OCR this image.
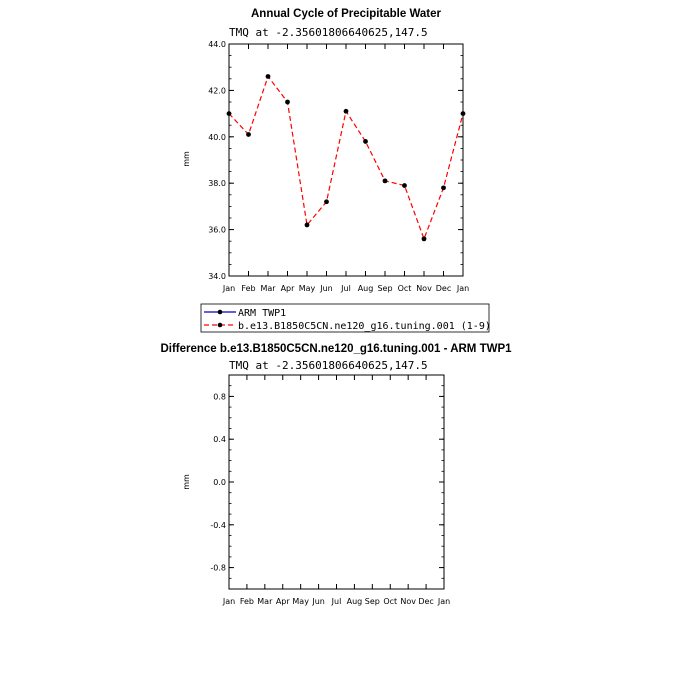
Annual Cycle of Precipitable Water
TMQ at -2.35601806640625,147.5
mm
Jan Feb Mar Apr May Jun Jul Aug Sep Oct Nov Dec Jan
34.0
36.0
38.0
40.0
42.0
44.0
ARM TWP1
b.e13.B1850C5CN.ne120_g16.tuning.001 (1-9)
Difference b.e13.B1850C5CN.ne120_g16.tuning.001 - ARM TWP1
TMQ at -2.35601806640625,147.5
mm
Jan Feb Mar Apr May Jun Jul Aug Sep Oct Nov Dec Jan
0.8
0.4
0.0
-0.4
-0.8
